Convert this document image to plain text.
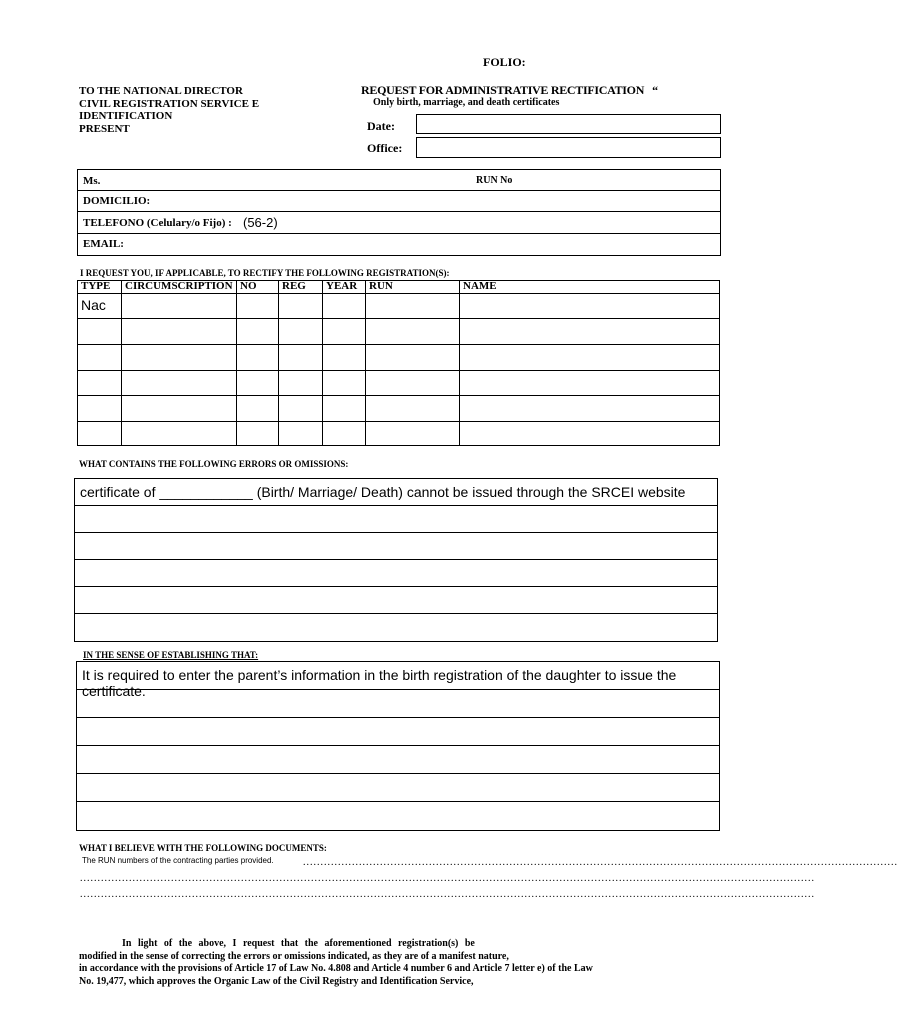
FOLIO:
TO THE NATIONAL DIRECTOR
CIVIL REGISTRATION SERVICE E
IDENTIFICATION
PRESENT
REQUEST FOR ADMINISTRATIVE RECTIFICATION   “
Only birth, marriage, and death certificates
Date:
Office:
Ms.	RUN No
DOMICILIO:
TELEFONO (Celulary/o Fijo) : (56-2)
EMAIL:
I REQUEST YOU, IF APPLICABLE, TO RECTIFY THE FOLLOWING REGISTRATION(S):
TYPE	CIRCUMSCRIPTION	NO	REG	YEAR	RUN	NAME
Nac						

WHAT CONTAINS THE FOLLOWING ERRORS OR OMISSIONS:
certificate of ____________ (Birth/ Marriage/ Death) cannot be issued through the SRCEI website
IN THE SENSE OF ESTABLISHING THAT:
It is required to enter the parent’s information in the birth registration of the daughter to issue the certificate.
WHAT I BELIEVE WITH THE FOLLOWING DOCUMENTS:
The RUN numbers of the contracting parties provided.	..........................................................................................................................................................................
..................................................................................................................................................................................................................
..................................................................................................................................................................................................................
In light of the above, I request that the aforementioned registration(s) be
modified in the sense of correcting the errors or omissions indicated, as they are of a manifest nature,
in accordance with the provisions of Article 17 of Law No. 4.808 and Article 4 number 6 and Article 7 letter e) of the Law
No. 19,477, which approves the Organic Law of the Civil Registry and Identification Service,
